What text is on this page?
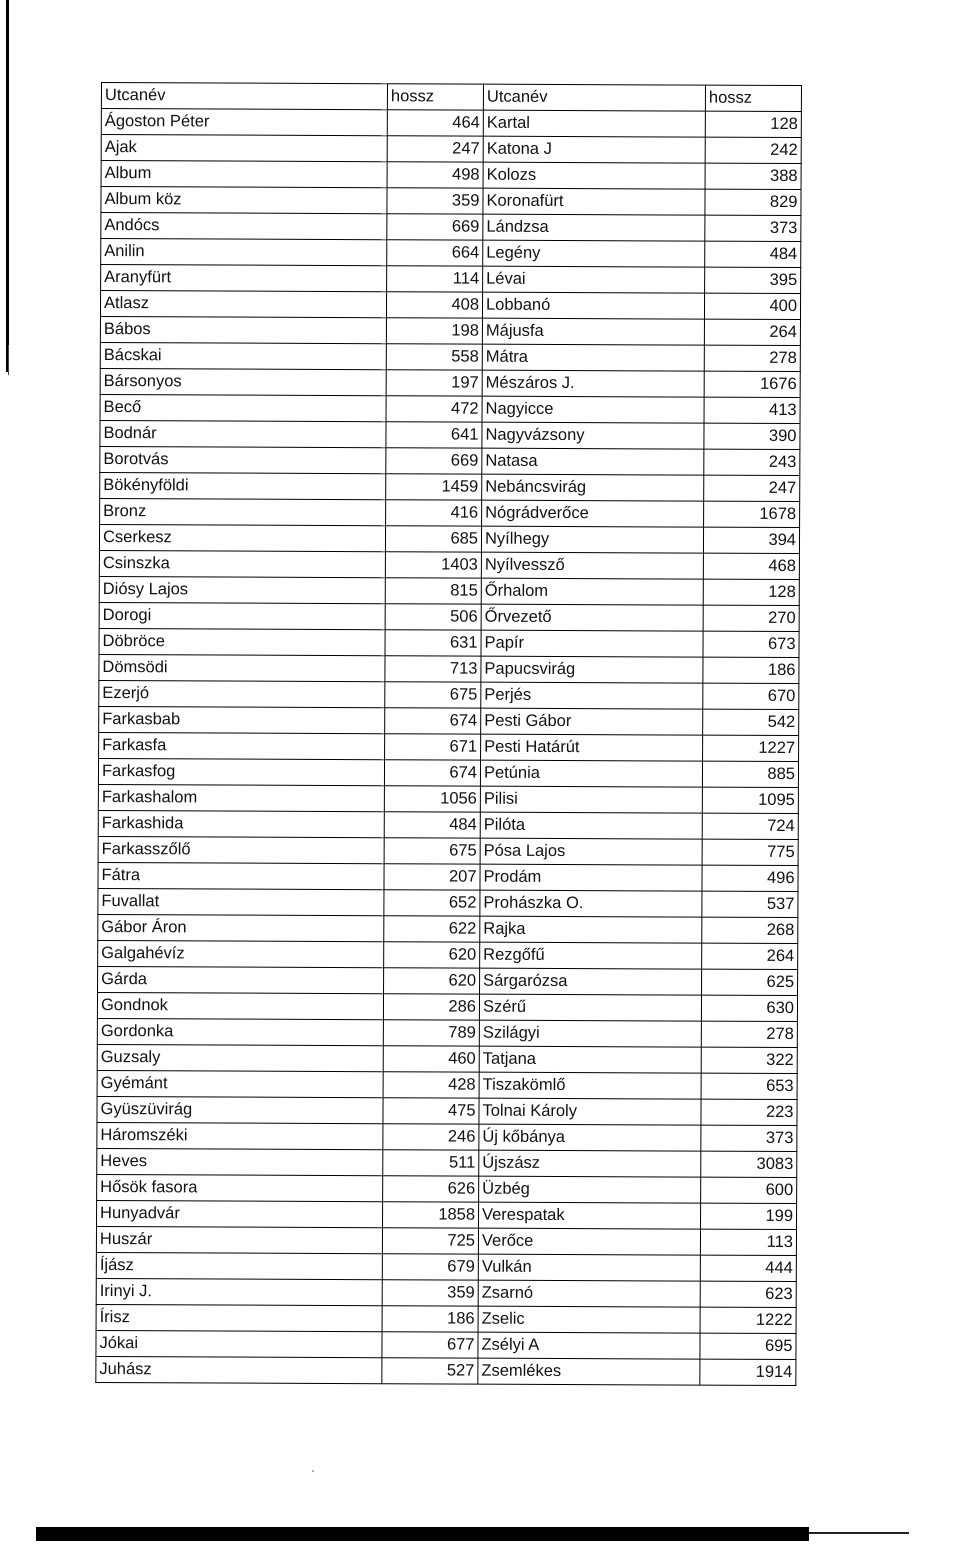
Utcanév	hossz	Utcanév	hossz
Ágoston Péter	464	Kartal	128
Ajak	247	Katona J	242
Album	498	Kolozs	388
Album köz	359	Koronafürt	829
Andócs	669	Lándzsa	373
Anilin	664	Legény	484
Aranyfürt	114	Lévai	395
Atlasz	408	Lobbanó	400
Bábos	198	Májusfa	264
Bácskai	558	Mátra	278
Bársonyos	197	Mészáros J.	1676
Becő	472	Nagyicce	413
Bodnár	641	Nagyvázsony	390
Borotvás	669	Natasa	243
Bökényföldi	1459	Nebáncsvirág	247
Bronz	416	Nógrádverőce	1678
Cserkesz	685	Nyílhegy	394
Csinszka	1403	Nyílvessző	468
Diósy Lajos	815	Őrhalom	128
Dorogi	506	Őrvezető	270
Döbröce	631	Papír	673
Dömsödi	713	Papucsvirág	186
Ezerjó	675	Perjés	670
Farkasbab	674	Pesti Gábor	542
Farkasfa	671	Pesti Határút	1227
Farkasfog	674	Petúnia	885
Farkashalom	1056	Pilisi	1095
Farkashida	484	Pilóta	724
Farkasszőlő	675	Pósa Lajos	775
Fátra	207	Prodám	496
Fuvallat	652	Prohászka O.	537
Gábor Áron	622	Rajka	268
Galgahévíz	620	Rezgőfű	264
Gárda	620	Sárgarózsa	625
Gondnok	286	Szérű	630
Gordonka	789	Szilágyi	278
Guzsaly	460	Tatjana	322
Gyémánt	428	Tiszakömlő	653
Gyüszüvirág	475	Tolnai Károly	223
Háromszéki	246	Új kőbánya	373
Heves	511	Újszász	3083
Hősök fasora	626	Üzbég	600
Hunyadvár	1858	Verespatak	199
Huszár	725	Verőce	113
Íjász	679	Vulkán	444
Irinyi J.	359	Zsarnó	623
Írisz	186	Zselic	1222
Jókai	677	Zsélyi A	695
Juhász	527	Zsemlékes	1914
